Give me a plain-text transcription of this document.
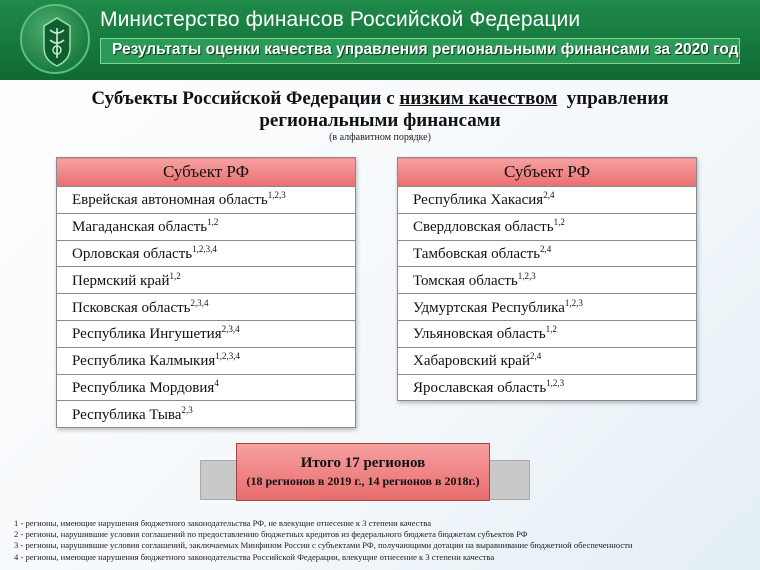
Министерство финансов Российской Федерации
Результаты оценки качества управления региональными финансами за 2020 год
Субъекты Российской Федерации с низким качеством  управления
региональными финансами
(в алфавитном порядке)
Субъект РФ
Еврейская автономная область$^{1,2,3}$
Магаданская область$^{1,2}$
Орловская область$^{1,2,3,4}$
Пермский край$^{1,2}$
Псковская область$^{2,3,4}$
Республика Ингушетия$^{2,3,4}$
Республика Калмыкия$^{1,2,3,4}$
Республика Мордовия$^4$
Республика Тыва$^{2,3}$
Субъект РФ
Республика Хакасия$^{2,4}$
Свердловская область$^{1,2}$
Тамбовская область$^{2,4}$
Томская область$^{1,2,3}$
Удмуртская Республика$^{1,2,3}$
Ульяновская область$^{1,2}$
Хабаровский край$^{2,4}$
Ярославская область$^{1,2,3}$
Итого 17 регионов
(18 регионов в 2019 г., 14 регионов в 2018г.)
1 - регионы, имеющие нарушения бюджетного законодательства РФ, не влекущие отнесение к 3 степени качества
2 - регионы, нарушившие условия соглашений по предоставлению бюджетных кредитов из федерального бюджета бюджетам субъектов РФ
3 - регионы, нарушившие условия соглашений, заключаемых Минфином России с субъектами РФ, получающими дотации на выравнивание бюджетной обеспеченности
4 - регионы, имеющие нарушения бюджетного законодательства Российской Федерации, влекущие отнесение к 3 степени качества
